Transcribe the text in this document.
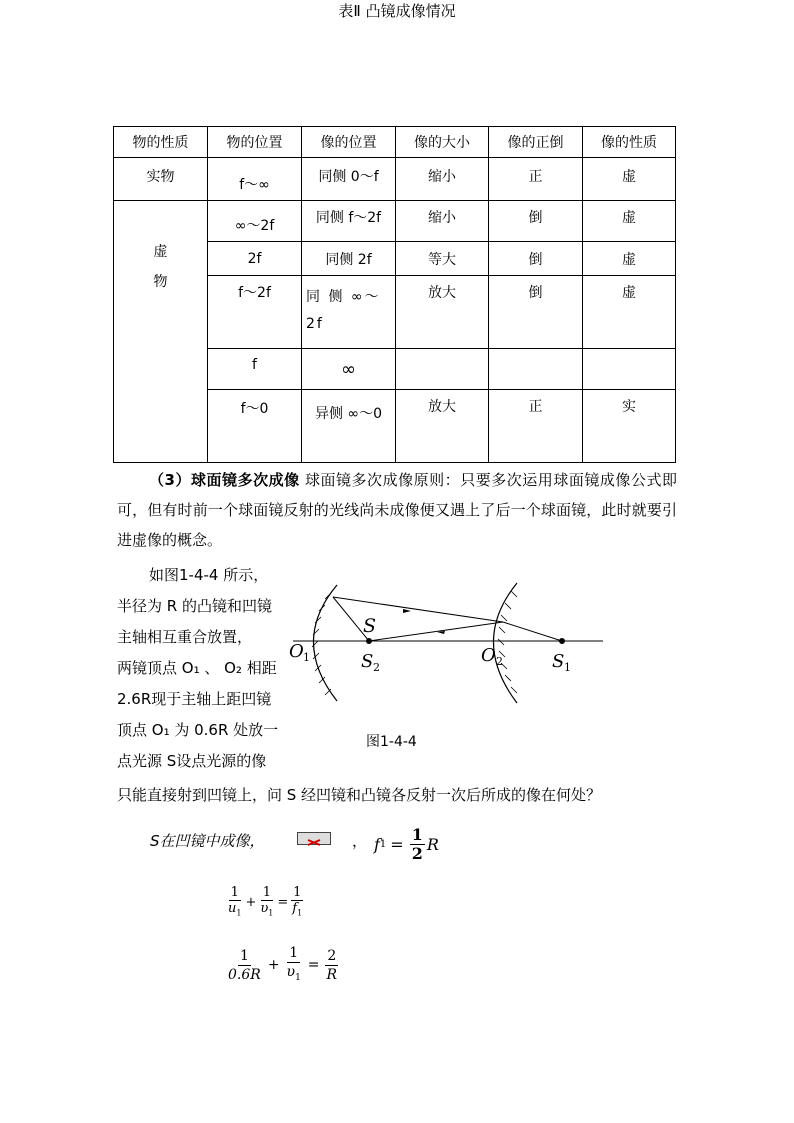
表Ⅱ 凸镜成像情况
物的性质	物的位置	像的位置	像的大小	像的正倒	像的性质
实物	f～∞	同侧 0～f	缩小	正	虚
虚
物	∞～2f	同侧 f～2f	缩小	倒	虚
	2f	同侧 2f	等大	倒	虚
	f～2f	同 侧 ∞～2f	放大	倒	虚
	f	∞			
	f～0	异侧 ∞～0	放大	正	实
（3）球面镜多次成像 球面镜多次成像原则：只要多次运用球面镜成像公式即可，但有时前一个球面镜反射的光线尚未成像便又遇上了后一个球面镜，此时就要引进虚像的概念。
如图1-4-4 所示，
半径为 R 的凸镜和凹镜
主轴相互重合放置，
两镜顶点 O₁ 、 O₂ 相距
2.6R现于主轴上距凹镜
顶点 O₁ 为 0.6R 处放一
点光源 S设点光源的像
S
O 1	S 2
O 2	S 1
图1-4-4
只能直接射到凹镜上，问 S 经凹镜和凸镜各反射一次后所成的像在何处？
S在凹镜中成像，	， f $1 = \frac{1}{2}$ R
$\frac{1}{u_1} + \frac{1}{\upsilon_1} = \frac{1}{f_1}$
$\frac{1}{0.6R} + \frac{1}{\upsilon_1} = \frac{2}{R}$
